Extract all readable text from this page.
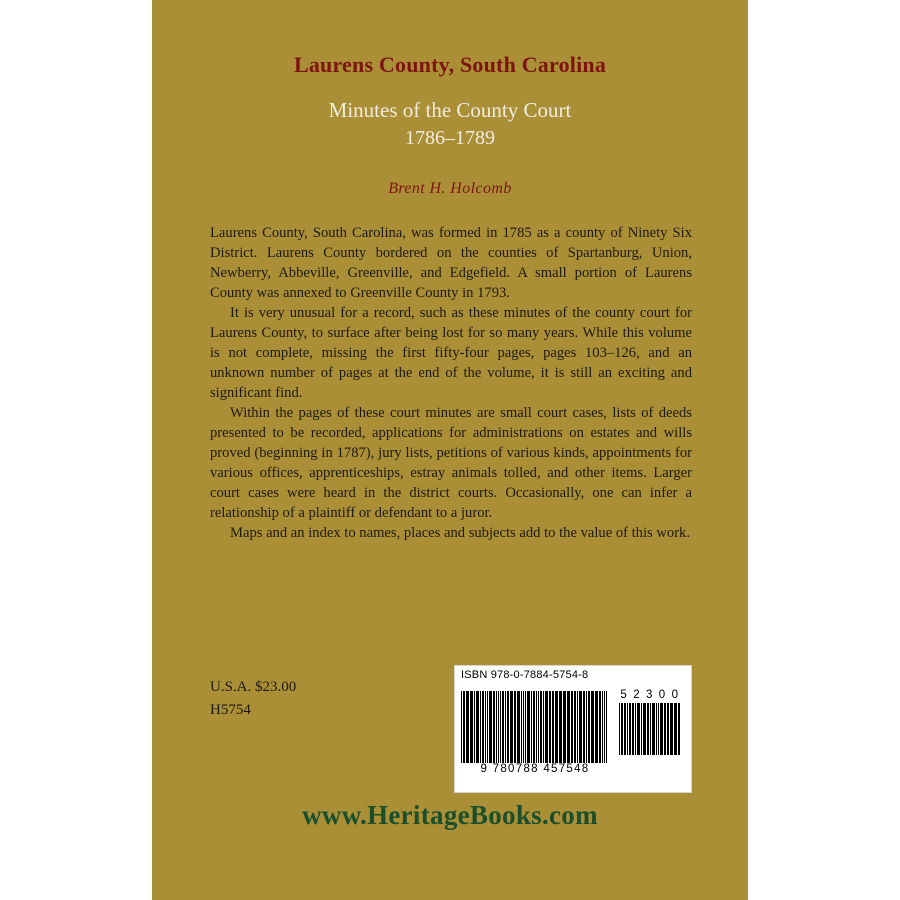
Laurens County, South Carolina
Minutes of the County Court
1786–1789
Brent H. Holcomb

Laurens County, South Carolina, was formed in 1785 as a county of Ninety Six District. Laurens County bordered on the counties of Spartanburg, Union, Newberry, Abbeville, Greenville, and Edgefield. A small portion of Laurens County was annexed to Greenville County in 1793.

It is very unusual for a record, such as these minutes of the county court for Laurens County, to surface after being lost for so many years. While this volume is not complete, missing the first fifty-four pages, pages 103–126, and an unknown number of pages at the end of the volume, it is still an exciting and significant find.

Within the pages of these court minutes are small court cases, lists of deeds presented to be recorded, applications for administrations on estates and wills proved (beginning in 1787), jury lists, petitions of various kinds, appointments for various offices, apprenticeships, estray animals tolled, and other items. Larger court cases were heard in the district courts. Occasionally, one can infer a relationship of a plaintiff or defendant to a juror.

Maps and an index to names, places and subjects add to the value of this work.

U.S.A. $23.00
H5754
ISBN 978-0-7884-5754-8
9 780788 457548
5 2 3 0 0
www.HeritageBooks.com
